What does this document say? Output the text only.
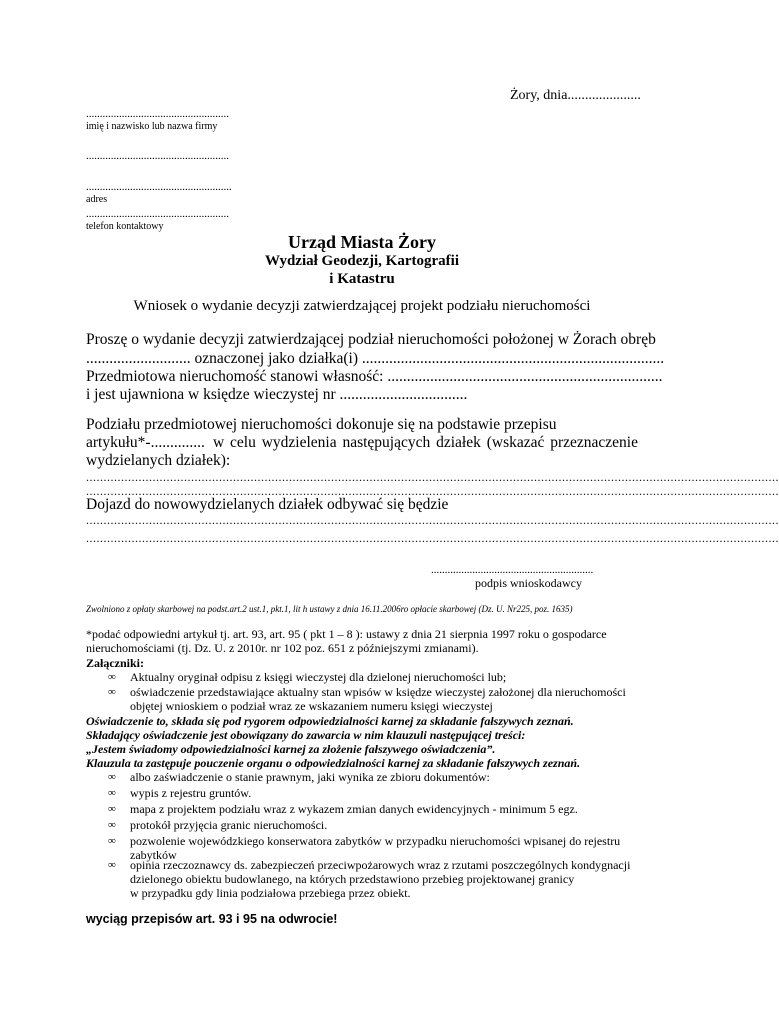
Żory, dnia.....................
....................................................
imię i nazwisko lub nazwa firmy
....................................................
.....................................................
adres
....................................................
telefon kontaktowy
Urząd Miasta Żory
Wydział Geodezji, Kartografii
i Katastru
Wniosek o wydanie decyzji zatwierdzającej projekt podziału nieruchomości
Proszę o wydanie decyzji zatwierdzającej podział nieruchomości położonej w Żorach obręb
........................... oznaczonej jako działka(i) ..............................................................................
Przedmiotowa nieruchomość stanowi własność: .......................................................................
i jest ujawniona w księdze wieczystej nr .................................
Podziału przedmiotowej nieruchomości dokonuje się na podstawie przepisu
artykułu*-.............. w celu wydzielenia następujących działek (wskazać przeznaczenie
wydzielanych działek):
......................................................................................................................................................................................................
......................................................................................................................................................................................................
Dojazd do nowowydzielanych działek odbywać się będzie
......................................................................................................................................................................................................
......................................................................................................................................................................................................
...........................................................
podpis wnioskodawcy
Zwolniono z opłaty skarbowej na podst.art.2 ust.1, pkt.1, lit h ustawy z dnia 16.11.2006ro opłacie skarbowej (Dz. U. Nr225, poz. 1635)
*podać odpowiedni artykuł tj. art. 93, art. 95 ( pkt 1 – 8 ): ustawy z dnia 21 sierpnia 1997 roku o gospodarce
nieruchomościami (tj. Dz. U. z 2010r. nr 102 poz. 651 z późniejszymi zmianami).
Załączniki:
∞ Aktualny oryginał odpisu z księgi wieczystej dla dzielonej nieruchomości lub;
∞ oświadczenie przedstawiające aktualny stan wpisów w księdze wieczystej założonej dla nieruchomości
objętej wnioskiem o podział wraz ze wskazaniem numeru księgi wieczystej
Oświadczenie to, składa się pod rygorem odpowiedzialności karnej za składanie fałszywych zeznań.
Składający oświadczenie jest obowiązany do zawarcia w nim klauzuli następującej treści:
„Jestem świadomy odpowiedzialności karnej za złożenie fałszywego oświadczenia”.
Klauzula ta zastępuje pouczenie organu o odpowiedzialności karnej za składanie fałszywych zeznań.
∞ albo zaświadczenie o stanie prawnym, jaki wynika ze zbioru dokumentów:
∞ wypis z rejestru gruntów.
∞ mapa z projektem podziału wraz z wykazem zmian danych ewidencyjnych - minimum 5 egz.
∞ protokół przyjęcia granic nieruchomości.
∞ pozwolenie wojewódzkiego konserwatora zabytków w przypadku nieruchomości wpisanej do rejestru
zabytków
∞ opinia rzeczoznawcy ds. zabezpieczeń przeciwpożarowych wraz z rzutami poszczególnych kondygnacji
dzielonego obiektu budowlanego, na których przedstawiono przebieg projektowanej granicy
w przypadku gdy linia podziałowa przebiega przez obiekt.
wyciąg przepisów art. 93 i 95 na odwrocie!
